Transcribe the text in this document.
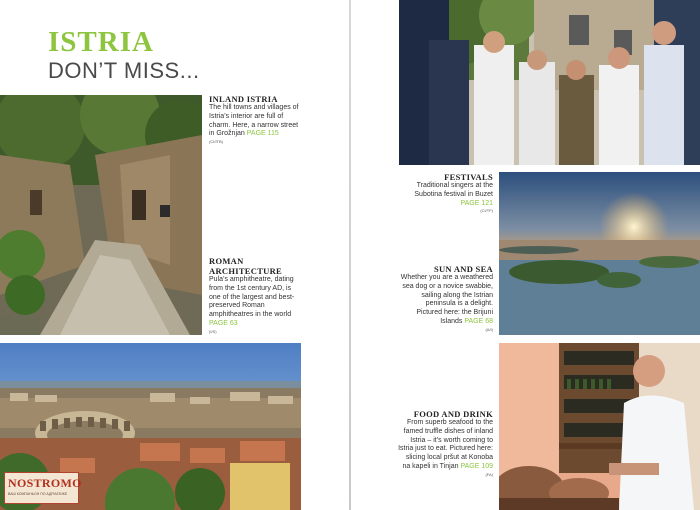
ISTRIA
DON’T MISS...
INLAND ISTRIA
The hill towns and villages of Istria’s interior are full of charm. Here, a narrow street in Grožnjan PAGE 115
(CI/ITB)
ROMAN
ARCHITECTURE
Pula’s amphitheatre, dating from the 1st century AD, is one of the largest and best-preserved Roman amphitheatres in the world PAGE 63
(I/S)
NOSTROMO
ВАШ КОМПАНЬОН ПО АДРИАТИКЕ
FESTIVALS
Traditional singers at the Subotina festival in Buzet PAGE 121
(CI/TF)
SUN AND SEA
Whether you are a weathered sea dog or a novice swabbie, sailing along the Istrian peninsula is a delight. Pictured here: the Brijuni Islands PAGE 68
(A/I)
FOOD AND DRINK
From superb seafood to the famed truffle dishes of inland Istria – it’s worth coming to Istria just to eat. Pictured here: slicing local pršut at Konoba na kapeli in Tinjan PAGE 109
(FA)
